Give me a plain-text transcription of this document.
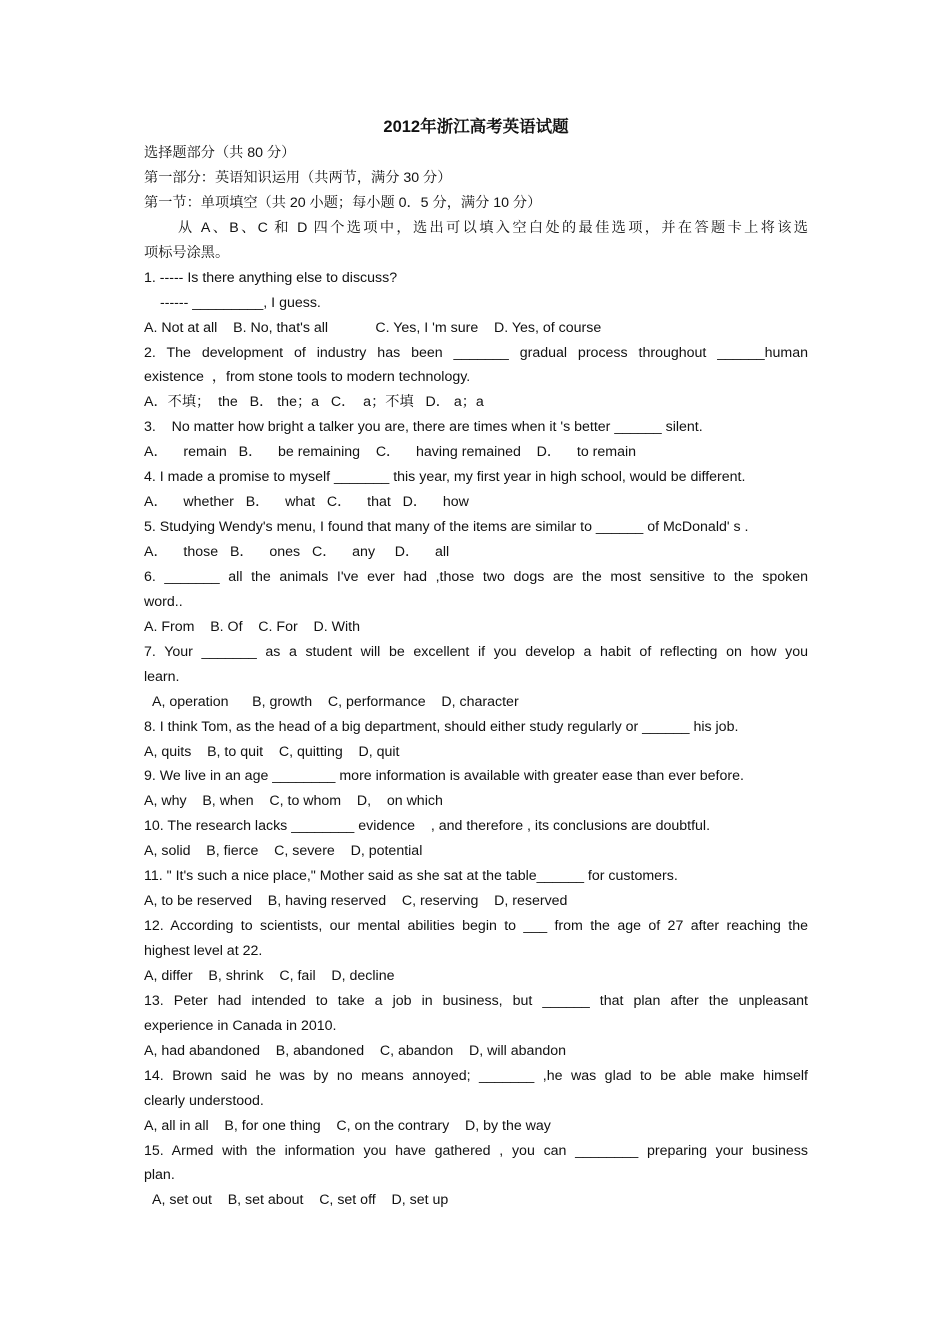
2012年浙江高考英语试题
选择题部分（共 80 分）
第一部分：英语知识运用（共两节，满分 30 分）
第一节：单项填空（共 20 小题；每小题 0．5 分，满分 10 分）
从 A、B、C 和 D 四个选项中，选出可以填入空白处的最佳选项，并在答题卡上将该选
项标号涂黑。
1. ----- Is there anything else to discuss?
------ _________, I guess.
A. Not at all    B. No, that's all            C. Yes, I 'm sure    D. Yes, of course
2. The development of industry has been _______ gradual process throughout ______human
existence  ，from stone tools to modern technology.
A．不填；  the   B． the；a   C．  a；不填   D． a；a
3.    No matter how bright a talker you are, there are times when it 's better ______ silent.
A．    remain   B．    be remaining    C．    having remained    D．    to remain
4. I made a promise to myself _______ this year, my first year in high school, would be different.
A．    whether   B．    what   C．    that   D．    how
5. Studying Wendy's menu, I found that many of the items are similar to ______ of McDonald' s .
A．    those   B．    ones   C．    any     D．    all
6. _______ all the animals I've ever had ,those two dogs are the most sensitive to the spoken
word..
A. From    B. Of    C. For    D. With
7. Your _______ as a student will be excellent if you develop a habit of reflecting on how you
learn.
A, operation      B, growth    C, performance    D, character
8. I think Tom, as the head of a big department, should either study regularly or ______ his job.
A, quits    B, to quit    C, quitting    D, quit
9. We live in an age ________ more information is available with greater ease than ever before.
A, why    B, when    C, to whom    D,    on which
10. The research lacks ________ evidence    , and therefore , its conclusions are doubtful.
A, solid    B, fierce    C, severe    D, potential
11. " It's such a nice place," Mother said as she sat at the table______ for customers.
A, to be reserved    B, having reserved    C, reserving    D, reserved
12. According to scientists, our mental abilities begin to ___ from the age of 27 after reaching the
highest level at 22.
A, differ    B, shrink    C, fail    D, decline
13. Peter had intended to take a job in business, but ______ that plan after the unpleasant
experience in Canada in 2010.
A, had abandoned    B, abandoned    C, abandon    D, will abandon
14. Brown said he was by no means annoyed; _______ ,he was glad to be able make himself
clearly understood.
A, all in all    B, for one thing    C, on the contrary    D, by the way
15. Armed with the information you have gathered , you can ________ preparing your business
plan.
A, set out    B, set about    C, set off    D, set up
